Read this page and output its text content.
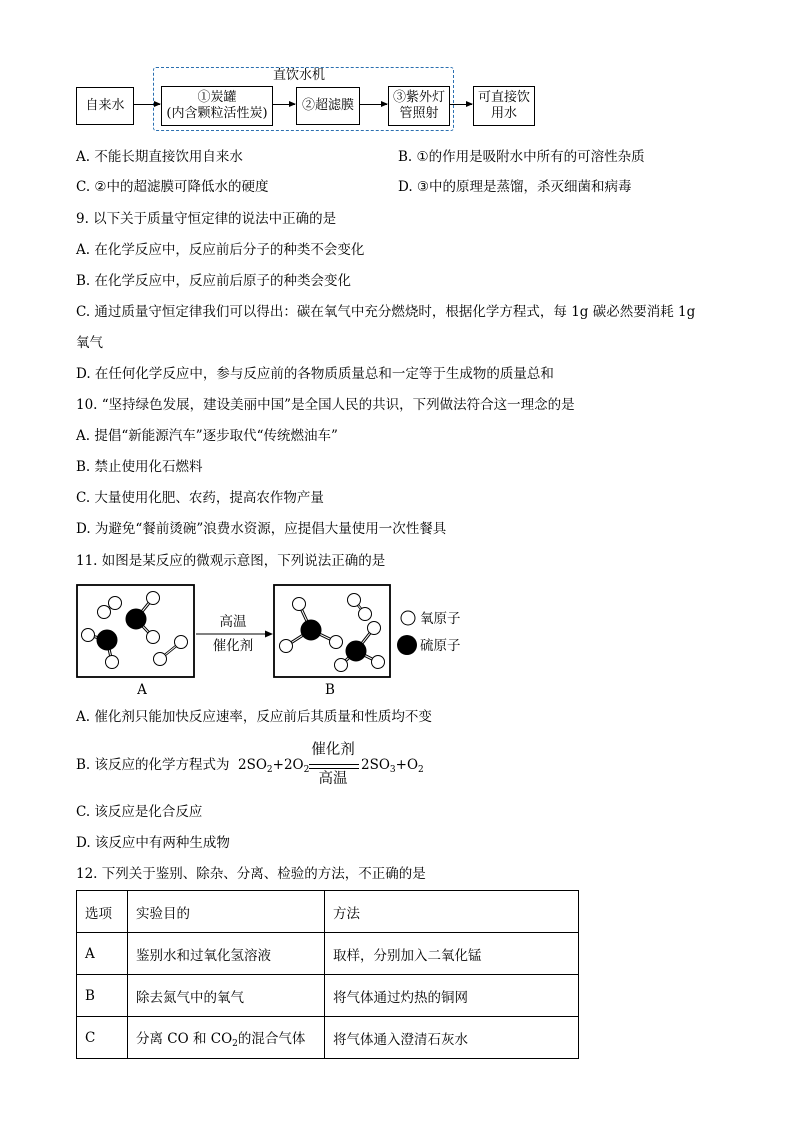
直饮水机
自来水
①炭罐
(内含颗粒活性炭)
②超滤膜
③紫外灯
管照射
可直接饮
用水
A. 不能长期直接饮用自来水	B. ①的作用是吸附水中所有的可溶性杂质
C. ②中的超滤膜可降低水的硬度	D. ③中的原理是蒸馏，杀灭细菌和病毒
9. 以下关于质量守恒定律的说法中正确的是
A. 在化学反应中，反应前后分子的种类不会变化
B. 在化学反应中，反应前后原子的种类会变化
C. 通过质量守恒定律我们可以得出：碳在氧气中充分燃烧时，根据化学方程式，每 1g 碳必然要消耗 1g
氧气
D. 在任何化学反应中，参与反应前的各物质质量总和一定等于生成物的质量总和
10. “坚持绿色发展，建设美丽中国”是全国人民的共识，下列做法符合这一理念的是
A. 提倡“新能源汽车”逐步取代“传统燃油车”
B. 禁止使用化石燃料
C. 大量使用化肥、农药，提高农作物产量
D. 为避免“餐前烫碗”浪费水资源，应提倡大量使用一次性餐具
11. 如图是某反应的微观示意图，下列说法正确的是
高温
催化剂
氧原子
硫原子
A	B
A. 催化剂只能加快反应速率，反应前后其质量和性质均不变
B. 该反应的化学方程式为 $2SO_2+2O_2$
催化剂
高温
$2SO_3+O_2$
C. 该反应是化合反应
D. 该反应中有两种生成物
12. 下列关于鉴别、除杂、分离、检验的方法，不正确的是
选项	实验目的	方法
A	鉴别水和过氧化氢溶液	取样，分别加入二氧化锰
B	除去氮气中的氧气	将气体通过灼热的铜网
C	分离 CO 和 $CO_2$的混合气体	将气体通入澄清石灰水
